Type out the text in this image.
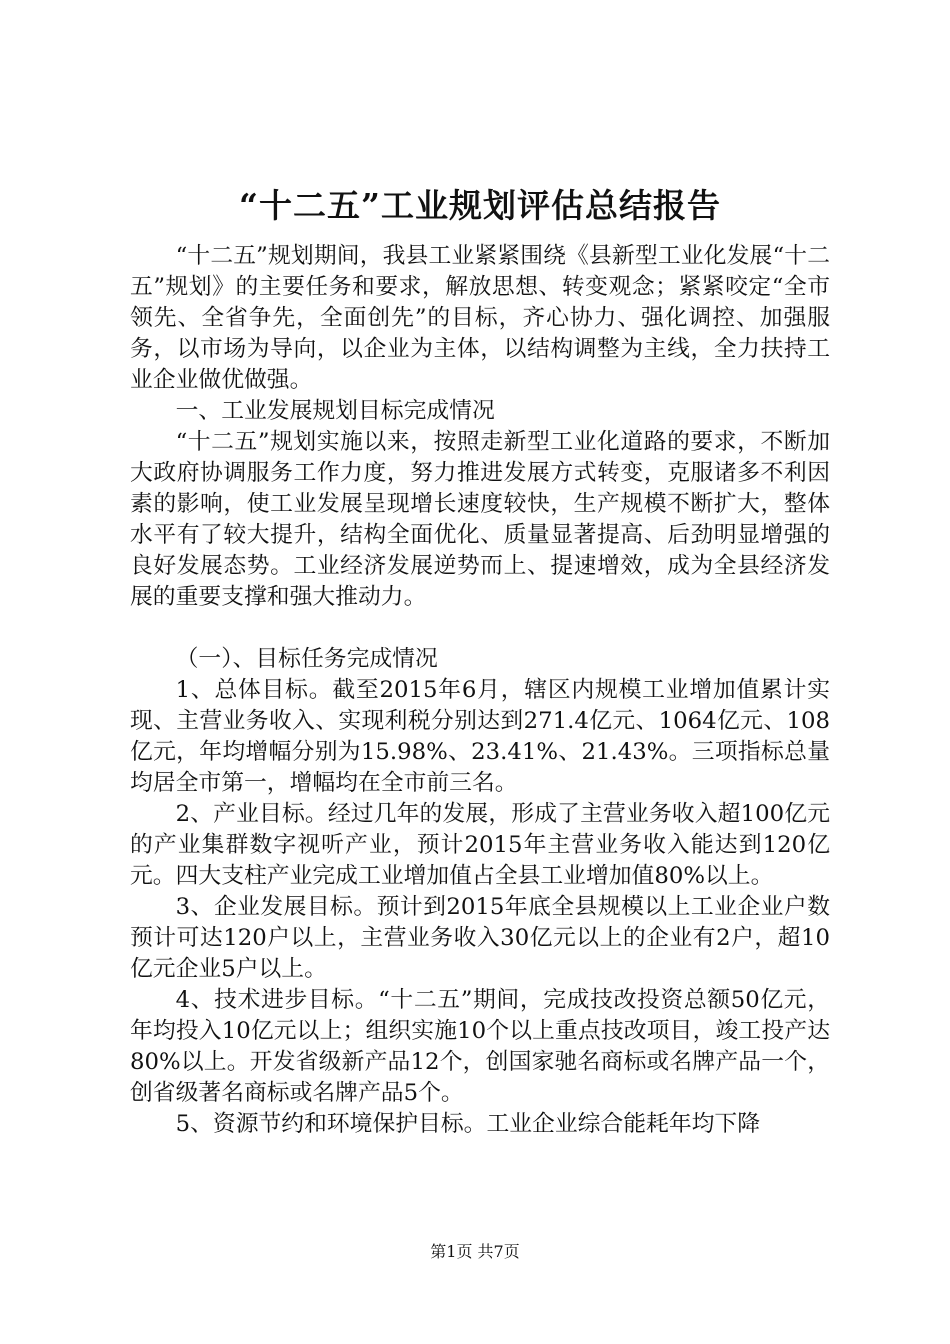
“十二五”工业规划评估总结报告

“十二五”规划期间，我县工业紧紧围绕《县新型工业化发展“十二五”规划》的主要任务和要求，解放思想、转变观念；紧紧咬定“全市领先、全省争先，全面创先”的目标，齐心协力、强化调控、加强服务，以市场为导向，以企业为主体，以结构调整为主线，全力扶持工业企业做优做强。

一、工业发展规划目标完成情况

“十二五”规划实施以来，按照走新型工业化道路的要求，不断加大政府协调服务工作力度，努力推进发展方式转变，克服诸多不利因素的影响，使工业发展呈现增长速度较快，生产规模不断扩大，整体水平有了较大提升，结构全面优化、质量显著提高、后劲明显增强的良好发展态势。工业经济发展逆势而上、提速增效，成为全县经济发展的重要支撑和强大推动力。

（一）、目标任务完成情况

1、总体目标。截至2015年6月，辖区内规模工业增加值累计实现、主营业务收入、实现利税分别达到271.4亿元、1064亿元、108亿元，年均增幅分别为15.98%、23.41%、21.43%。三项指标总量均居全市第一，增幅均在全市前三名。

2、产业目标。经过几年的发展，形成了主营业务收入超100亿元的产业集群数字视听产业，预计2015年主营业务收入能达到120亿元。四大支柱产业完成工业增加值占全县工业增加值80%以上。

3、企业发展目标。预计到2015年底全县规模以上工业企业户数预计可达120户以上，主营业务收入30亿元以上的企业有2户，超10亿元企业5户以上。

4、技术进步目标。“十二五”期间，完成技改投资总额50亿元，年均投入10亿元以上；组织实施10个以上重点技改项目，竣工投产达80%以上。开发省级新产品12个，创国家驰名商标或名牌产品一个，创省级著名商标或名牌产品5个。

5、资源节约和环境保护目标。工业企业综合能耗年均下降

第1页 共7页
